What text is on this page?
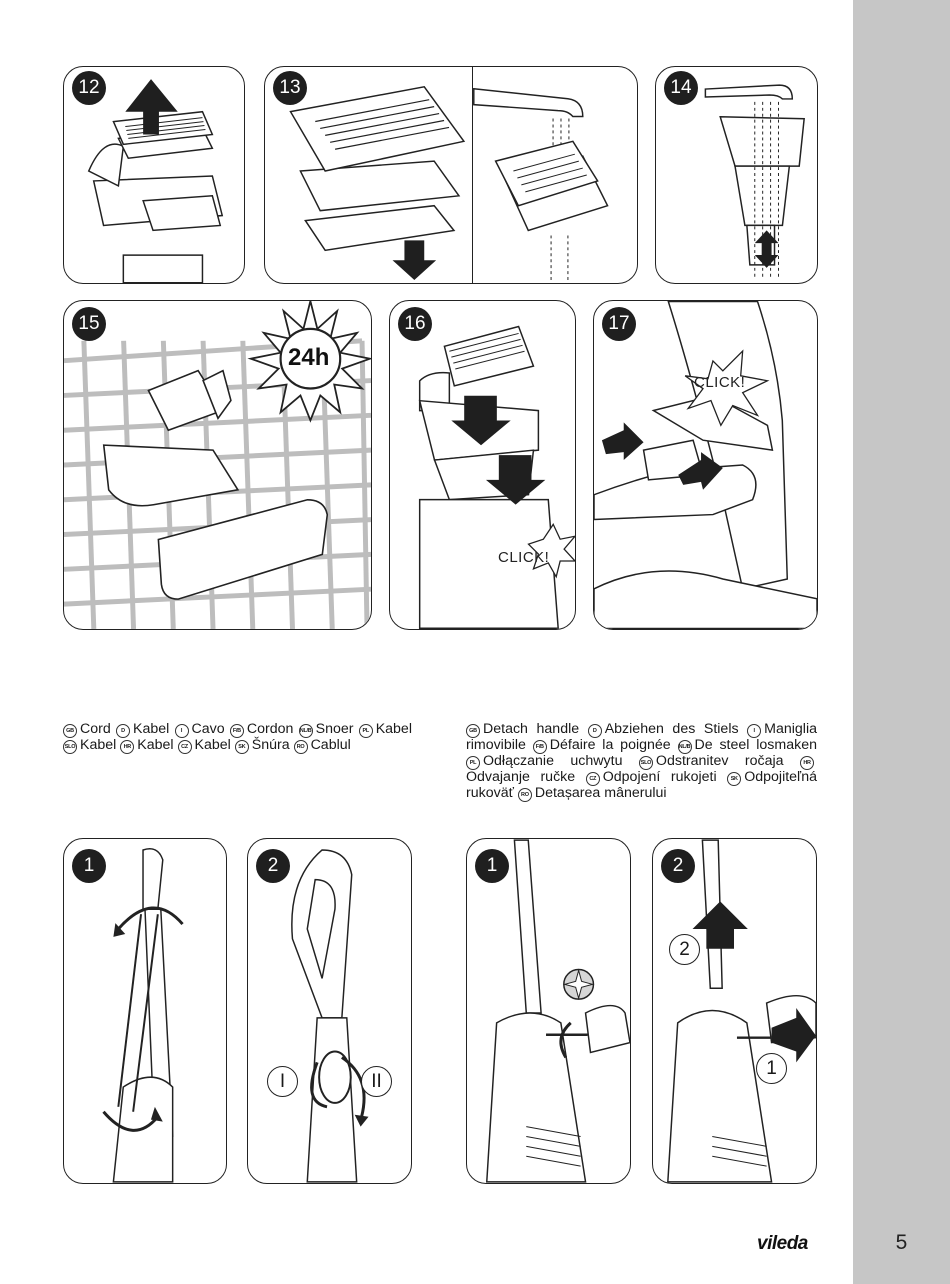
5
12	13	14
15
24h
16
CLICK!
17
CLICK!
GB Cord D Kabel I Cavo F/B Cordon NL/B Snoer PL Kabel SLO Kabel HR Kabel CZ Kabel SK Šnúra RO Cablul
GB Detach handle D Abziehen des Stiels	I Maniglia rimovibile F/B Défaire la poignée NL/B De steel losmaken PL Odłączanie uchwytu	SLO Odstranitev ročaja	HROdvajanje ručke	CZ Odpojení rukojeti	SK Odpojiteľná rukoväť RO Detașarea mânerului
1	2
I	II
1	2
2
1
vileda
